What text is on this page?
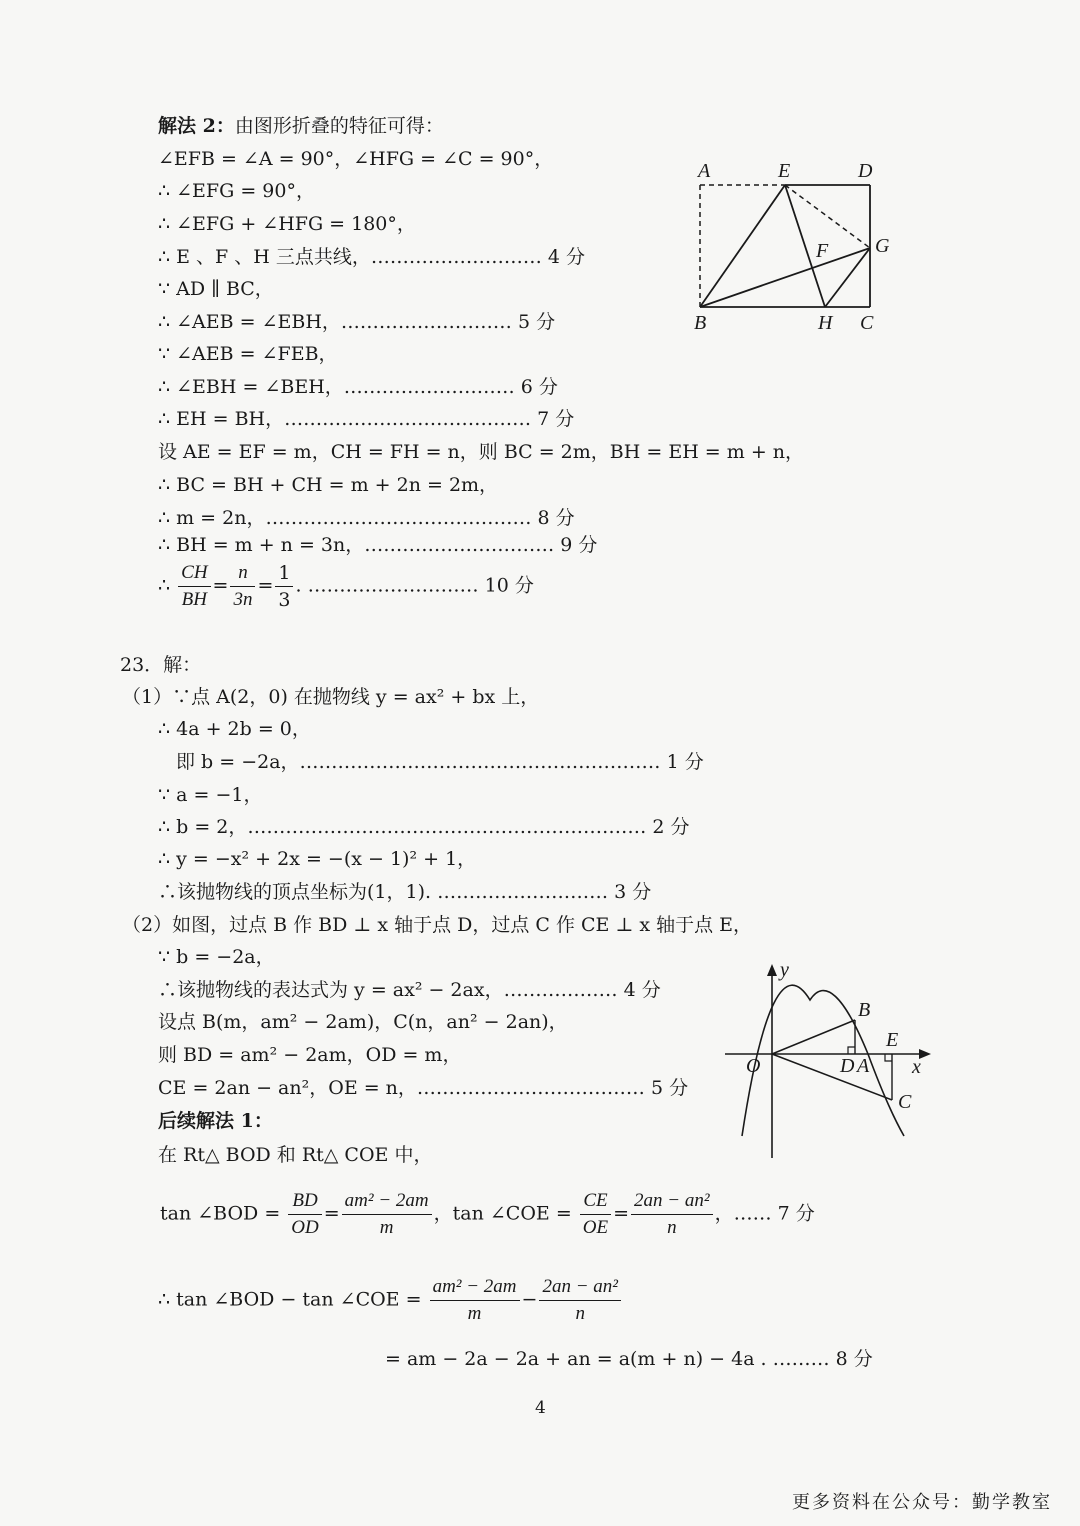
解法 2：由图形折叠的特征可得：
∠EFB = ∠A = 90°，∠HFG = ∠C = 90°，
∴ ∠EFG = 90°，
∴ ∠EFG + ∠HFG = 180°，
∴ E 、F 、H 三点共线，……………………… 4 分
∵ AD ∥ BC，
∴ ∠AEB = ∠EBH，……………………… 5 分
∵ ∠AEB = ∠FEB，
∴ ∠EBH = ∠BEH，……………………… 6 分
∴ EH = BH，………………………………… 7 分
设 AE = EF = m，CH = FH = n，则 BC = 2m，BH = EH = m + n，
∴ BC = BH + CH = m + 2n = 2m，
∴ m = 2n，…………………………………… 8 分
∴ BH = m + n = 3n，………………………… 9 分
∴ $\frac{CH}{BH} = \frac{n}{3n} = \frac{1}{3}$ . ……………………… 10 分
A	E	D
F G
B	H C
23．解：
（1）∵点 A(2，0) 在抛物线 y = ax² + bx 上，
∴ 4a + 2b = 0，
即 b = −2a，………………………………………………… 1 分
∵ a = −1，
∴ b = 2，……………………………………………………… 2 分
∴ y = −x² + 2x = −(x − 1)² + 1，
∴该抛物线的顶点坐标为(1，1). ……………………… 3 分
（2）如图，过点 B 作 BD ⊥ x 轴于点 D，过点 C 作 CE ⊥ x 轴于点 E，
∵ b = −2a，
∴该抛物线的表达式为 y = ax² − 2ax，……………… 4 分
设点 B(m，am² − 2am)，C(n，an² − 2an)，
则 BD = am² − 2am，OD = m，
CE = 2an − an²，OE = n，……………………………… 5 分
后续解法 1：
在 Rt△ BOD 和 Rt△ COE 中，
tan ∠BOD = $\frac{BD}{OD} = \frac{\text{am² − 2am}}{m}$ ，tan ∠COE = $\frac{CE}{OE} = \frac{\text{2an − an²}}{n}$ ，…… 7 分
∴ tan ∠BOD − tan ∠COE = $\frac{\text{am² − 2am}}{m} - \frac{\text{2an − an²}}{n}$
= am − 2a − 2a + an = a(m + n) − 4a . ……… 8 分
y
B
E
O	D A x
C
4
更多资料在公众号：勤学教室
